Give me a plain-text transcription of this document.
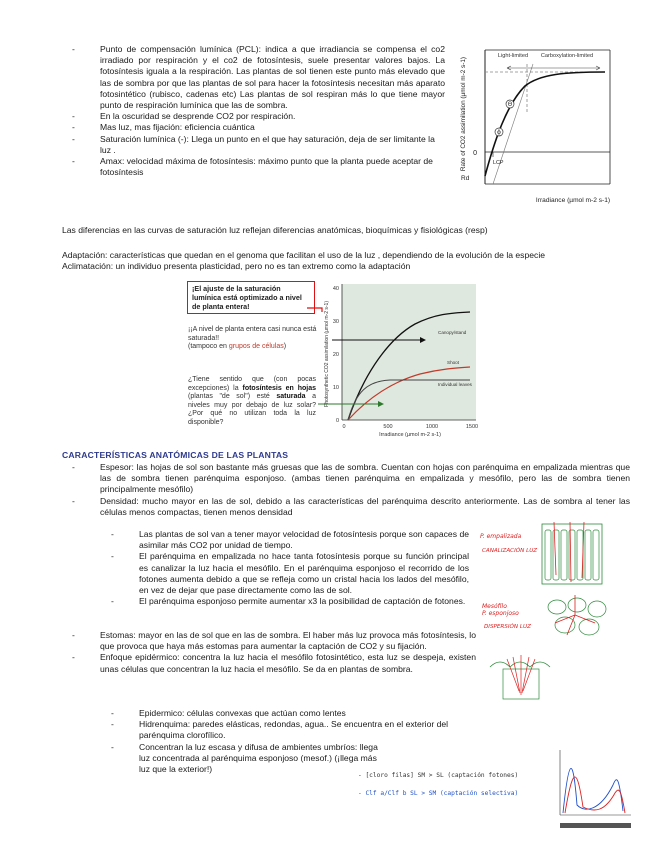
- Punto de compensación lumínica (PCL): indica a que irradiancia se compensa el co2 irradiado por respiración y el co2 de fotosíntesis, suele presentar valores bajos. La fotosíntesis iguala a la respiración. Las plantas de sol tienen este punto más elevado que las de sombra por que las plantas de sol para hacer la fotosíntesis necesitan más aparato fotosintético (rubisco, cadenas etc) Las plantas de sol respiran más lo que tiene mayor punto de respiración lumínica que las de sombra.
- En la oscuridad se desprende CO2 por respiración.
- Mas luz, mas fijación: eficiencia cuántica
- Saturación lumínica (-): Llega un punto en el que hay saturación, deja de ser limitante la luz .
- Amax: velocidad máxima de fotosíntesis: máximo punto que la planta puede aceptar de fotosíntesis
Θ
ϕ
Light-limited Carboxylation-limited
0
LCP
Rd
Rate of CO2 assimilation (µmol m-2 s-1)
Irradiance (µmol m-2 s-1)
Las diferencias en las curvas de saturación luz reflejan diferencias anatómicas, bioquímicas y fisiológicas (resp)
Adaptación: características que quedan en el genoma que facilitan el uso de la luz , dependiendo de la evolución de la especie
Aclimatación: un individuo presenta plasticidad, pero no es tan extremo como la adaptación
¡El ajuste de la saturación lumínica está optimizado a nivel de planta entera!
¡¡A nivel de planta entera casi nunca está saturada!!
(tampoco en grupos de células)
¿Tiene sentido que (con pocas excepciones) la fotosíntesis en hojas (plantas "de sol") esté saturada a niveles muy por debajo de luz solar? ¿Por qué no utilizan toda la luz disponible?
40
30
20
10
0
0	500	1000	1500
Irradiance (µmol m-2 s-1)
Photosynthetic CO2 assimilation (µmol m-2 s-1)	Canopy/stand
Shoot
Individual leaves
CARACTERÍSTICAS ANATÓMICAS DE LAS PLANTAS
- Espesor: las hojas de sol son bastante más gruesas que las de sombra. Cuentan con hojas con parénquima en empalizada mientras que las de sombra tienen parénquima esponjoso. (ambas tienen parénquima en empalizada y mesófilo, pero las de sombra tienen principalmente mesófilo)
- Densidad: mucho mayor en las de sol, debido a las características del parénquima descrito anteriormente. Las de sombra al tener las células menos compactas, tienen menos densidad
- Las plantas de sol van a tener mayor velocidad de fotosíntesis porque son capaces de asimilar más CO2 por unidad de tiempo.
- El parénquima en empalizada no hace tanta fotosíntesis porque su función principal es canalizar la luz hacia el mesófilo. En el parénquima esponjoso el recorrido de los fotones aumenta debido a que se refleja como un cristal hacia los lados del mesófilo, en vez de dejar que pase directamente como las de sol.
- El parénquima esponjoso permite aumentar x3 la posibilidad de captación de fotones.
- Estomas: mayor en las de sol que en las de sombra. El haber más luz provoca más fotosíntesis, lo que provoca que haya más estomas para aumentar la captación de CO2 y su fijación.
- Enfoque epidérmico: concentra la luz hacia el mesófilo fotosintético, esta luz se despeja, existen unas células que concentran la luz hacia el mesófilo. Se da en plantas de sombra.
- Epidermico: células convexas que actúan como lentes
- Hidrenquima: paredes elásticas, redondas, agua.. Se encuentra en el exterior del parénquima clorofílico.
- Concentran la luz escasa y difusa de ambientes umbríos: llega luz concentrada al parénquima esponjoso (mesof.) (¡llega más luz que la exterior!)
P. empalizada
CANALIZACIÓN LUZ
Mesófilo
P. esponjoso
DISPERSIÓN LUZ
- [cloro filas] SM > SL (captación fotones)
- Clf a/Clf b SL > SM (captación selectiva)
